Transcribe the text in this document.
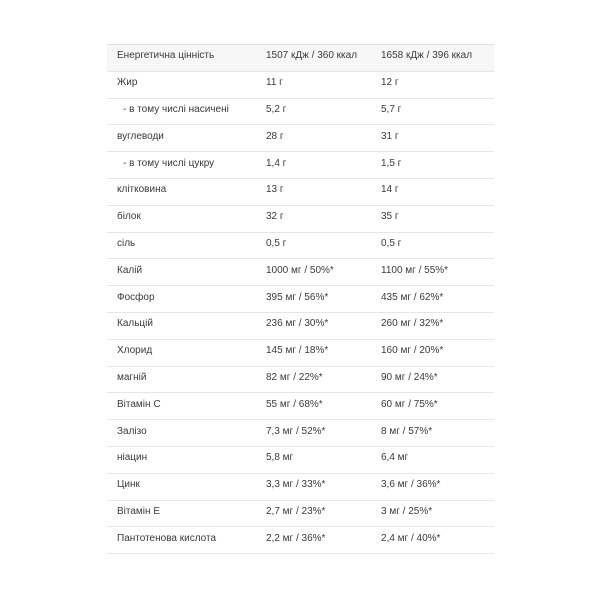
Енергетична цінність	1507 кДж / 360 ккал	1658 кДж / 396 ккал
Жир	11 г	12 г
- в тому числі насичені	5,2 г	5,7 г
вуглеводи	28 г	31 г
- в тому числі цукру	1,4 г	1,5 г
клітковина	13 г	14 г
білок	32 г	35 г
сіль	0,5 г	0,5 г
Калій	1000 мг / 50%*	1100 мг / 55%*
Фосфор	395 мг / 56%*	435 мг / 62%*
Кальцій	236 мг / 30%*	260 мг / 32%*
Хлорид	145 мг / 18%*	160 мг / 20%*
магній	82 мг / 22%*	90 мг / 24%*
Вітамін С	55 мг / 68%*	60 мг / 75%*
Залізо	7,3 мг / 52%*	8 мг / 57%*
ніацин	5,8 мг	6,4 мг
Цинк	3,3 мг / 33%*	3,6 мг / 36%*
Вітамін Е	2,7 мг / 23%*	3 мг / 25%*
Пантотенова кислота	2,2 мг / 36%*	2,4 мг / 40%*
